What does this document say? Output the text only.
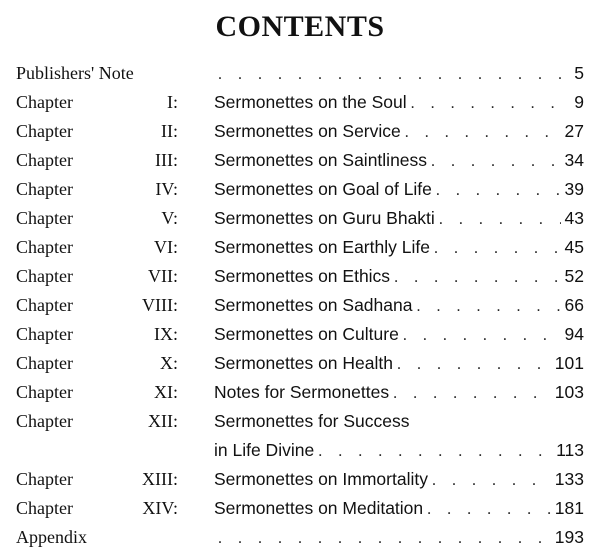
CONTENTS
Publishers' Note . . .	5
Chapter	I: Sermonettes on the Soul . . .	9
Chapter	II: Sermonettes on Service . . .	27
Chapter	III: Sermonettes on Saintliness . . .	34
Chapter	IV: Sermonettes on Goal of Life . . .	39
Chapter	V: Sermonettes on Guru Bhakti . . .	43
Chapter	VI: Sermonettes on Earthly Life . . .	45
Chapter	VII: Sermonettes on Ethics . . .	52
Chapter	VIII: Sermonettes on Sadhana . . .	66
Chapter	IX: Sermonettes on Culture . . .	94
Chapter	X: Sermonettes on Health . . .	101
Chapter	XI: Notes for Sermonettes . . .	103
Chapter	XII: Sermonettes for Success
in Life Divine . . .	113
Chapter	XIII: Sermonettes on Immortality . . .	133
Chapter	XIV: Sermonettes on Meditation . . .	181
Appendix . . .	193
